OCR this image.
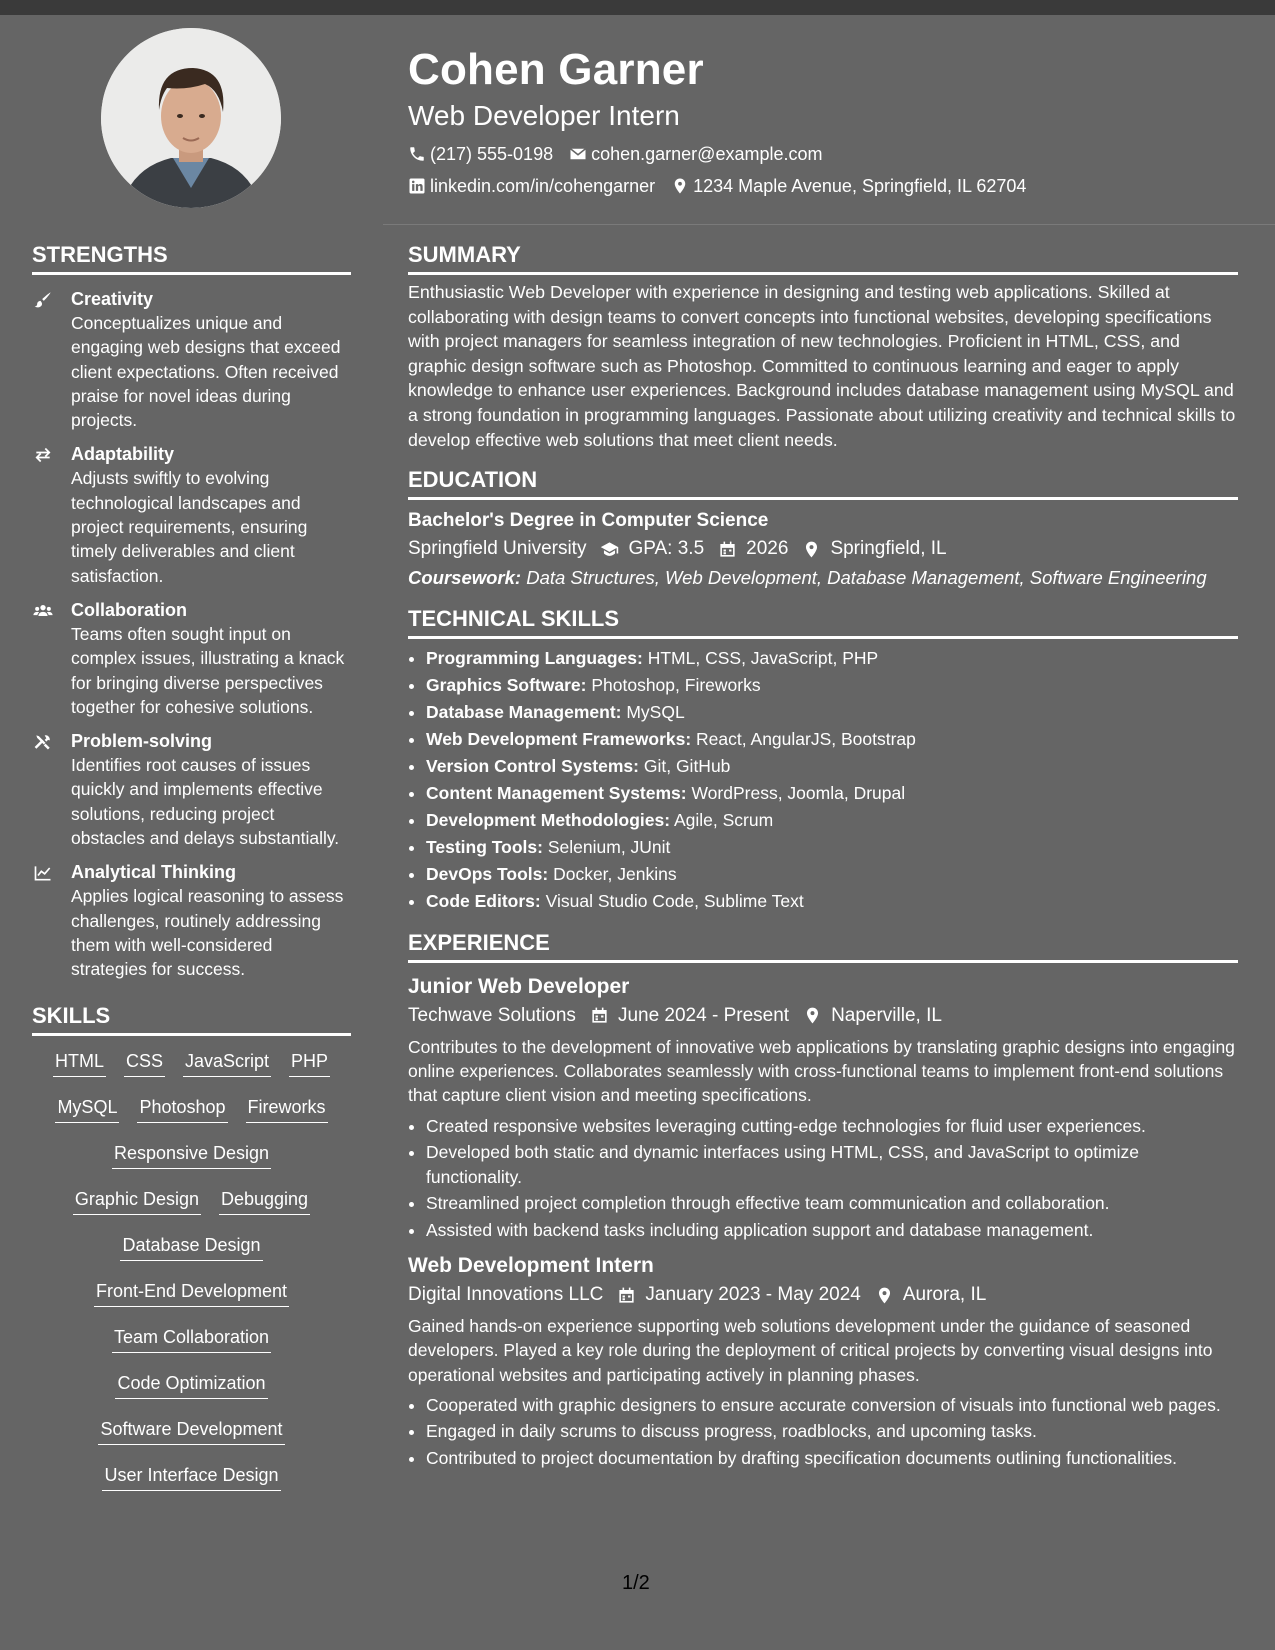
Cohen Garner
Web Developer Intern
(217) 555-0198 cohen.garner@example.com
linkedin.com/in/cohengarner 1234 Maple Avenue, Springfield, IL 62704
STRENGTHS
Creativity
Conceptualizes unique and engaging web designs that exceed client expectations. Often received praise for novel ideas during projects.
Adaptability
Adjusts swiftly to evolving technological landscapes and project requirements, ensuring timely deliverables and client satisfaction.
Collaboration
Teams often sought input on complex issues, illustrating a knack for bringing diverse perspectives together for cohesive solutions.
Problem-solving
Identifies root causes of issues quickly and implements effective solutions, reducing project obstacles and delays substantially.
Analytical Thinking
Applies logical reasoning to assess challenges, routinely addressing them with well-considered strategies for success.
SKILLS
HTML CSS JavaScript PHP
MySQL Photoshop Fireworks
Responsive Design
Graphic Design Debugging
Database Design
Front-End Development
Team Collaboration
Code Optimization
Software Development
User Interface Design
SUMMARY

Enthusiastic Web Developer with experience in designing and testing web applications. Skilled at collaborating with design teams to convert concepts into functional websites, developing specifications with project managers for seamless integration of new technologies. Proficient in HTML, CSS, and graphic design software such as Photoshop. Committed to continuous learning and eager to apply knowledge to enhance user experiences. Background includes database management using MySQL and a strong foundation in programming languages. Passionate about utilizing creativity and technical skills to develop effective web solutions that meet client needs.

EDUCATION
Bachelor's Degree in Computer Science
Springfield University GPA: 3.5 2026 Springfield, IL
Coursework: Data Structures, Web Development, Database Management, Software Engineering
TECHNICAL SKILLS
• Programming Languages: HTML, CSS, JavaScript, PHP
• Graphics Software: Photoshop, Fireworks
• Database Management: MySQL
• Web Development Frameworks: React, AngularJS, Bootstrap
• Version Control Systems: Git, GitHub
• Content Management Systems: WordPress, Joomla, Drupal
• Development Methodologies: Agile, Scrum
• Testing Tools: Selenium, JUnit
• DevOps Tools: Docker, Jenkins
• Code Editors: Visual Studio Code, Sublime Text
EXPERIENCE
Junior Web Developer
Techwave Solutions June 2024 - Present Naperville, IL
Contributes to the development of innovative web applications by translating graphic designs into engaging online experiences. Collaborates seamlessly with cross-functional teams to implement front-end solutions that capture client vision and meeting specifications.
• Created responsive websites leveraging cutting-edge technologies for fluid user experiences.
• Developed both static and dynamic interfaces using HTML, CSS, and JavaScript to optimize functionality.
• Streamlined project completion through effective team communication and collaboration.
• Assisted with backend tasks including application support and database management.
Web Development Intern
Digital Innovations LLC January 2023 - May 2024 Aurora, IL
Gained hands-on experience supporting web solutions development under the guidance of seasoned developers. Played a key role during the deployment of critical projects by converting visual designs into operational websites and participating actively in planning phases.
• Cooperated with graphic designers to ensure accurate conversion of visuals into functional web pages.
• Engaged in daily scrums to discuss progress, roadblocks, and upcoming tasks.
• Contributed to project documentation by drafting specification documents outlining functionalities.
1/2
